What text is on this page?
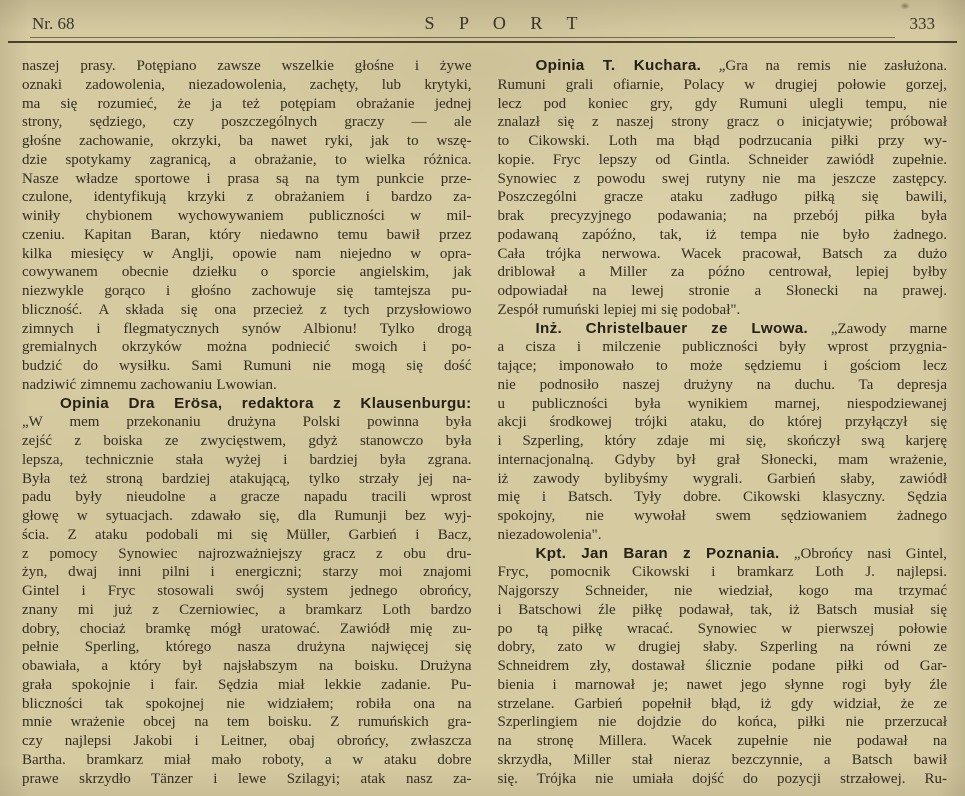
Nr. 68	S P O R T	333
naszej prasy. Potępiano zawsze wszelkie głośne i żywe
oznaki zadowolenia, niezadowolenia, zachęty, lub krytyki,
ma się rozumieć, że ja też potępiam obrażanie jednej
strony, sędziego, czy poszczególnych graczy — ale
głośne zachowanie, okrzyki, ba nawet ryki, jak to wszę-
dzie spotykamy zagranicą, a obrażanie, to wielka różnica.
Nasze władze sportowe i prasa są na tym punkcie prze-
czulone, identyfikują krzyki z obrażaniem i bardzo za-
winiły chybionem wychowywaniem publiczności w mil-
czeniu. Kapitan Baran, który niedawno temu bawił przez
kilka miesięcy w Anglji, opowie nam niejedno w opra-
cowywanem obecnie dziełku o sporcie angielskim, jak
niezwykle gorąco i głośno zachowuje się tamtejsza pu-
bliczność. A składa się ona przecież z tych przysłowiowo
zimnych i flegmatycznych synów Albionu! Tylko drogą
gremialnych okrzyków można podniecić swoich i po-
budzić do wysiłku. Sami Rumuni nie mogą się dość
nadziwić zimnemu zachowaniu Lwowian.
Opinia Dra Erösa, redaktora z Klausenburgu:
„W mem przekonaniu drużyna Polski powinna była
zejść z boiska ze zwycięstwem, gdyż stanowczo była
lepsza, technicznie stała wyżej i bardziej była zgrana.
Była też stroną bardziej atakującą, tylko strzały jej na-
padu były nieudolne a gracze napadu tracili wprost
głowę w sytuacjach. zdawało się, dla Rumunji bez wyj-
ścia. Z ataku podobali mi się Müller, Garbień i Bacz,
z pomocy Synowiec najrozważniejszy gracz z obu dru-
żyn, dwaj inni pilni i energiczni; starzy moi znajomi
Gintel i Fryc stosowali swój system jednego obrońcy,
znany mi już z Czerniowiec, a bramkarz Loth bardzo
dobry, chociaż bramkę mógł uratować. Zawiódł mię zu-
pełnie Sperling, którego nasza drużyna najwięcej się
obawiała, a który był najsłabszym na boisku. Drużyna
grała spokojnie i fair. Sędzia miał lekkie zadanie. Pu-
bliczności tak spokojnej nie widziałem; robiła ona na
mnie wrażenie obcej na tem boisku. Z rumuńskich gra-
czy najlepsi Jakobi i Leitner, obaj obrońcy, zwłaszcza
Bartha. bramkarz miał mało roboty, a w ataku dobre
prawe skrzydło Tänzer i lewe Szilagyi; atak nasz za-
Opinia T. Kuchara. „Gra na remis nie zasłużona.
Rumuni grali ofiarnie, Polacy w drugiej połowie gorzej,
lecz pod koniec gry, gdy Rumuni ulegli tempu, nie
znalazł się z naszej strony gracz o inicjatywie; próbował
to Cikowski. Loth ma błąd podrzucania piłki przy wy-
kopie. Fryc lepszy od Gintla. Schneider zawiódł zupełnie.
Synowiec z powodu swej rutyny nie ma jeszcze zastępcy.
Poszczególni gracze ataku zadługo piłką się bawili,
brak precyzyjnego podawania; na przebój piłka była
podawaną zapóźno, tak, iż tempa nie było żadnego.
Cała trójka nerwowa. Wacek pracował, Batsch za dużo
driblował a Miller za późno centrował, lepiej byłby
odpowiadał na lewej stronie a Słonecki na prawej.
Zespół rumuński lepiej mi się podobał".
Inż. Christelbauer ze Lwowa. „Zawody marne
a cisza i milczenie publiczności były wprost przygnia-
tające; imponowało to może sędziemu i gościom lecz
nie podnosiło naszej drużyny na duchu. Ta depresja
u publiczności była wynikiem marnej, niespodziewanej
akcji środkowej trójki ataku, do której przyłączył się
i Szperling, który zdaje mi się, skończył swą karjerę
internacjonalną. Gdyby był grał Słonecki, mam wrażenie,
iż zawody bylibyśmy wygrali. Garbień słaby, zawiódł
mię i Batsch. Tyły dobre. Cikowski klasyczny. Sędzia
spokojny, nie wywołał swem sędziowaniem żadnego
niezadowolenia".
Kpt. Jan Baran z Poznania. „Obrońcy nasi Gintel,
Fryc, pomocnik Cikowski i bramkarz Loth J. najlepsi.
Najgorszy Schneider, nie wiedział, kogo ma trzymać
i Batschowi źle piłkę podawał, tak, iż Batsch musiał się
po tą piłkę wracać. Synowiec w pierwszej połowie
dobry, zato w drugiej słaby. Szperling na równi ze
Schneidrem zły, dostawał ślicznie podane piłki od Gar-
bienia i marnował je; nawet jego słynne rogi były źle
strzelane. Garbień popełnił błąd, iż gdy widział, że ze
Szperlingiem nie dojdzie do końca, piłki nie przerzucał
na stronę Millera. Wacek zupełnie nie podawał na
skrzydła, Miller stał nieraz bezczynnie, a Batsch bawił
się. Trójka nie umiała dojść do pozycji strzałowej. Ru-
